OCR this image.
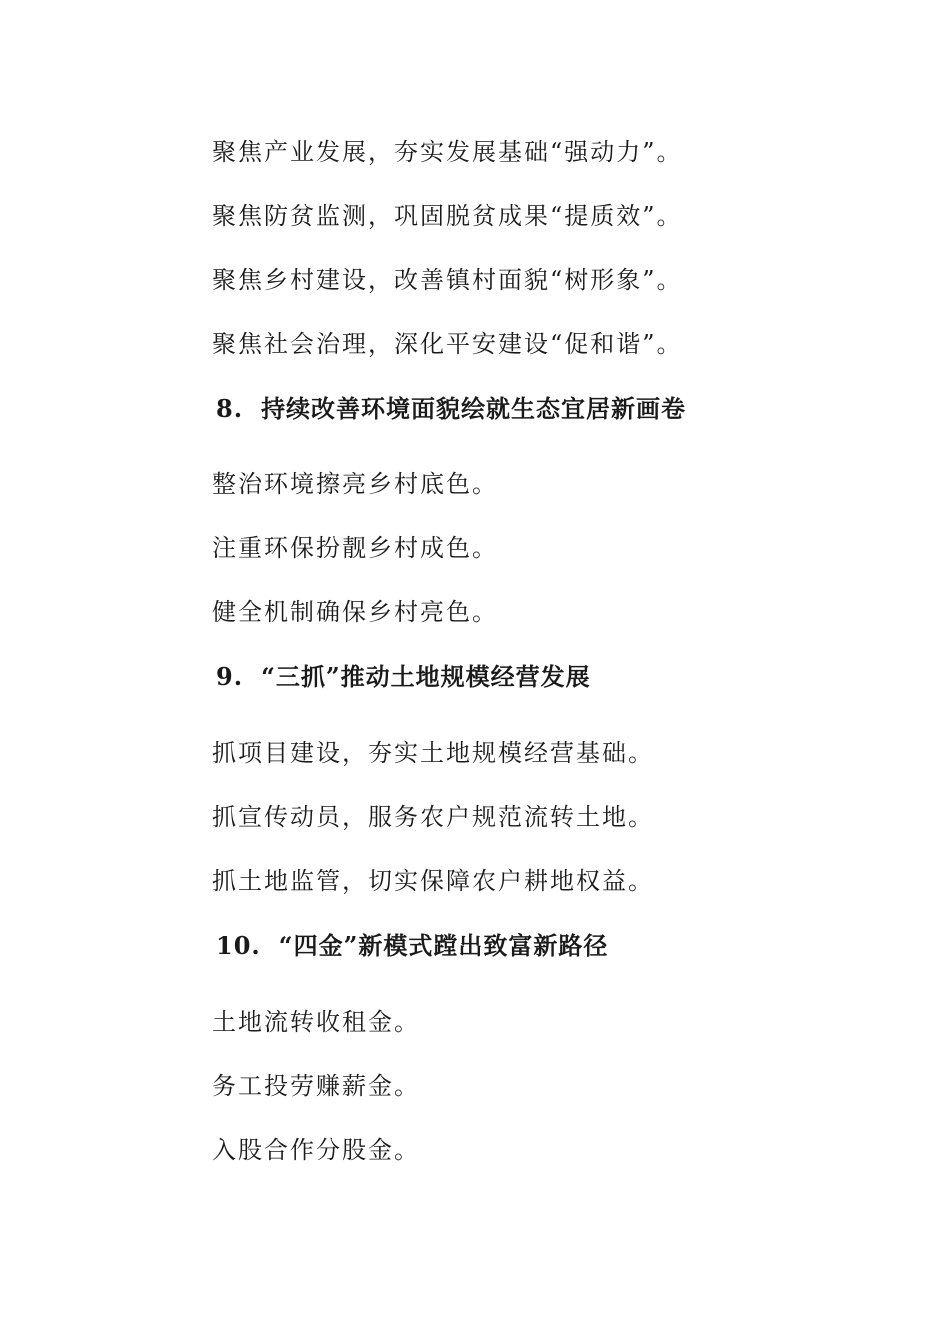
聚焦产业发展，夯实发展基础“强动力”。

聚焦防贫监测，巩固脱贫成果“提质效”。

聚焦乡村建设，改善镇村面貌“树形象”。

聚焦社会治理，深化平安建设“促和谐”。

8. 持续改善环境面貌绘就生态宜居新画卷

整治环境擦亮乡村底色。

注重环保扮靓乡村成色。

健全机制确保乡村亮色。

9. “三抓”推动土地规模经营发展

抓项目建设，夯实土地规模经营基础。

抓宣传动员，服务农户规范流转土地。

抓土地监管，切实保障农户耕地权益。

10. “四金”新模式蹚出致富新路径

土地流转收租金。

务工投劳赚薪金。

入股合作分股金。
